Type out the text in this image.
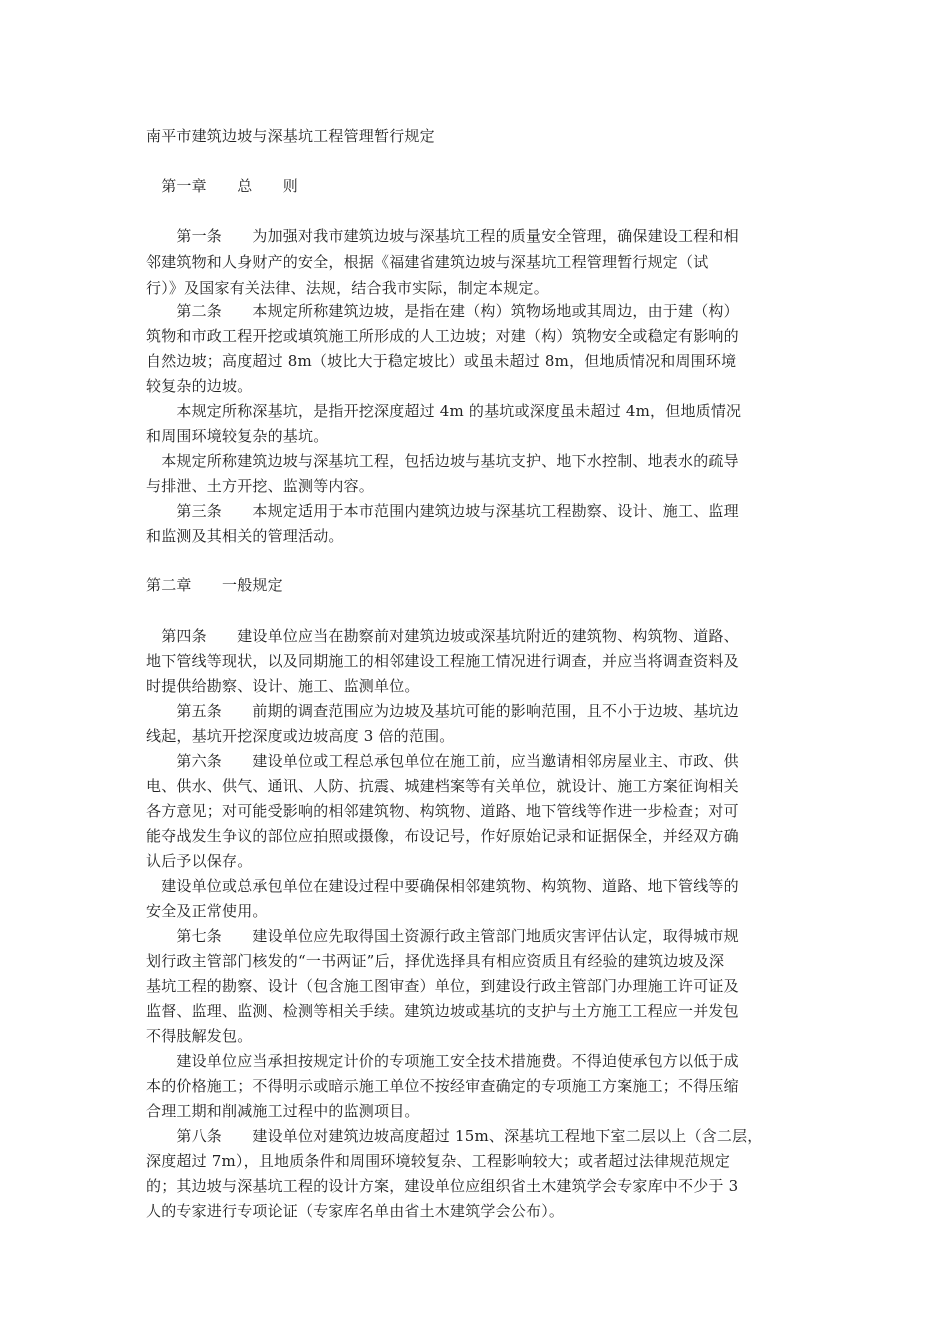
南平市建筑边坡与深基坑工程管理暂行规定
　第一章　　总　　则
　　第一条　　为加强对我市建筑边坡与深基坑工程的质量安全管理，确保建设工程和相
邻建筑物和人身财产的安全，根据《福建省建筑边坡与深基坑工程管理暂行规定（试
行）》及国家有关法律、法规，结合我市实际，制定本规定。
　　第二条　　本规定所称建筑边坡，是指在建（构）筑物场地或其周边，由于建（构）
筑物和市政工程开挖或填筑施工所形成的人工边坡；对建（构）筑物安全或稳定有影响的
自然边坡；高度超过 8m（坡比大于稳定坡比）或虽未超过 8m，但地质情况和周围环境
较复杂的边坡。
　　本规定所称深基坑，是指开挖深度超过 4m 的基坑或深度虽未超过 4m，但地质情况
和周围环境较复杂的基坑。
　本规定所称建筑边坡与深基坑工程，包括边坡与基坑支护、地下水控制、地表水的疏导
与排泄、土方开挖、监测等内容。
　　第三条　　本规定适用于本市范围内建筑边坡与深基坑工程勘察、设计、施工、监理
和监测及其相关的管理活动。
第二章　　一般规定
　第四条　　建设单位应当在勘察前对建筑边坡或深基坑附近的建筑物、构筑物、道路、
地下管线等现状，以及同期施工的相邻建设工程施工情况进行调查，并应当将调查资料及
时提供给勘察、设计、施工、监测单位。
　　第五条　　前期的调查范围应为边坡及基坑可能的影响范围，且不小于边坡、基坑边
线起，基坑开挖深度或边坡高度 3 倍的范围。
　　第六条　　建设单位或工程总承包单位在施工前，应当邀请相邻房屋业主、市政、供
电、供水、供气、通讯、人防、抗震、城建档案等有关单位，就设计、施工方案征询相关
各方意见；对可能受影响的相邻建筑物、构筑物、道路、地下管线等作进一步检查；对可
能夺战发生争议的部位应拍照或摄像，布设记号，作好原始记录和证据保全，并经双方确
认后予以保存。
　建设单位或总承包单位在建设过程中要确保相邻建筑物、构筑物、道路、地下管线等的
安全及正常使用。
　　第七条　　建设单位应先取得国土资源行政主管部门地质灾害评估认定，取得城市规
划行政主管部门核发的“一书两证”后，择优选择具有相应资质且有经验的建筑边坡及深
基坑工程的勘察、设计（包含施工图审查）单位，到建设行政主管部门办理施工许可证及
监督、监理、监测、检测等相关手续。建筑边坡或基坑的支护与土方施工工程应一并发包
不得肢解发包。
　　建设单位应当承担按规定计价的专项施工安全技术措施费。不得迫使承包方以低于成
本的价格施工；不得明示或暗示施工单位不按经审查确定的专项施工方案施工；不得压缩
合理工期和削减施工过程中的监测项目。
　　第八条　　建设单位对建筑边坡高度超过 15m、深基坑工程地下室二层以上（含二层，
深度超过 7m），且地质条件和周围环境较复杂、工程影响较大；或者超过法律规范规定
的；其边坡与深基坑工程的设计方案，建设单位应组织省土木建筑学会专家库中不少于 3
人的专家进行专项论证（专家库名单由省土木建筑学会公布）。
